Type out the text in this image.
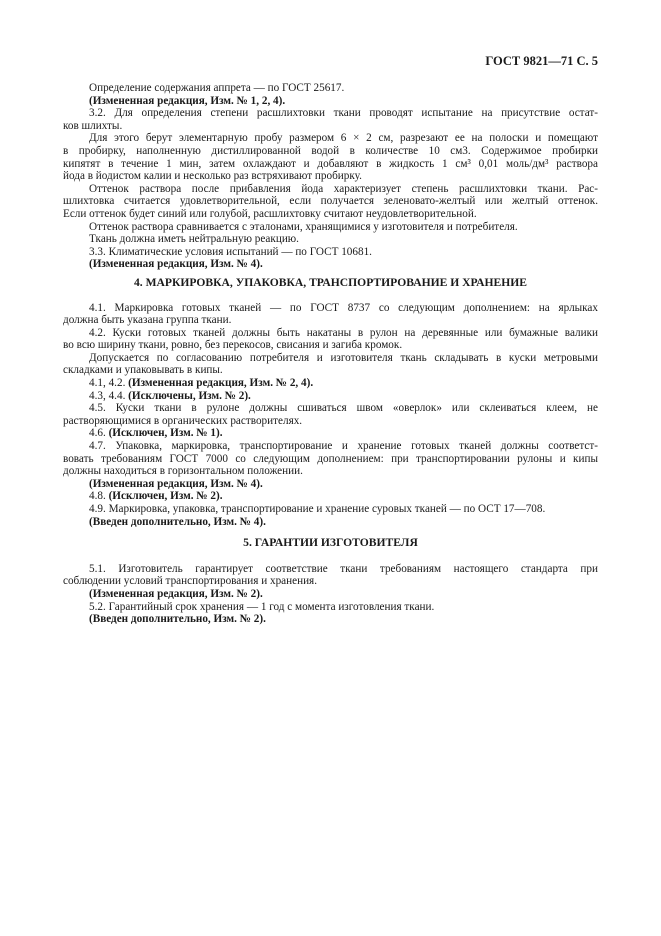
ГОСТ 9821—71 С. 5
Определение содержания аппрета — по ГОСТ 25617.
(Измененная редакция, Изм. № 1, 2, 4).
3.2. Для определения степени расшлихтовки ткани проводят испытание на присутствие остат-
ков шлихты.
Для этого берут элементарную пробу размером 6 × 2 см, разрезают ее на полоски и помещают
в пробирку, наполненную дистиллированной водой в количестве 10 см3. Содержимое пробирки
кипятят в течение 1 мин, затем охлаждают и добавляют в жидкость 1 см³ 0,01 моль/дм³ раствора
йода в йодистом калии и несколько раз встряхивают пробирку.
Оттенок раствора после прибавления йода характеризует степень расшлихтовки ткани. Рас-
шлихтовка считается удовлетворительной, если получается зеленовато-желтый или желтый оттенок.
Если оттенок будет синий или голубой, расшлихтовку считают неудовлетворительной.
Оттенок раствора сравнивается с эталонами, хранящимися у изготовителя и потребителя.
Ткань должна иметь нейтральную реакцию.
3.3. Климатические условия испытаний — по ГОСТ 10681.
(Измененная редакция, Изм. № 4).
4. МАРКИРОВКА, УПАКОВКА, ТРАНСПОРТИРОВАНИЕ И ХРАНЕНИЕ
4.1. Маркировка готовых тканей — по ГОСТ 8737 со следующим дополнением: на ярлыках
должна быть указана группа ткани.
4.2. Куски готовых тканей должны быть накатаны в рулон на деревянные или бумажные валики
во всю ширину ткани, ровно, без перекосов, свисания и загиба кромок.
Допускается по согласованию потребителя и изготовителя ткань складывать в куски метровыми
складками и упаковывать в кипы.
4.1, 4.2. (Измененная редакция, Изм. № 2, 4).
4.3, 4.4. (Исключены, Изм. № 2).
4.5. Куски ткани в рулоне должны сшиваться швом «оверлок» или склеиваться клеем, не
растворяющимися в органических растворителях.
4.6. (Исключен, Изм. № 1).
4.7. Упаковка, маркировка, транспортирование и хранение готовых тканей должны соответст-
вовать требованиям ГОСТ 7000 со следующим дополнением: при транспортировании рулоны и кипы
должны находиться в горизонтальном положении.
(Измененная редакция, Изм. № 4).
4.8. (Исключен, Изм. № 2).
4.9. Маркировка, упаковка, транспортирование и хранение суровых тканей — по ОСТ 17—708.
(Введен дополнительно, Изм. № 4).
5. ГАРАНТИИ ИЗГОТОВИТЕЛЯ
5.1. Изготовитель гарантирует соответствие ткани требованиям настоящего стандарта при
соблюдении условий транспортирования и хранения.
(Измененная редакция, Изм. № 2).
5.2. Гарантийный срок хранения — 1 год с момента изготовления ткани.
(Введен дополнительно, Изм. № 2).
